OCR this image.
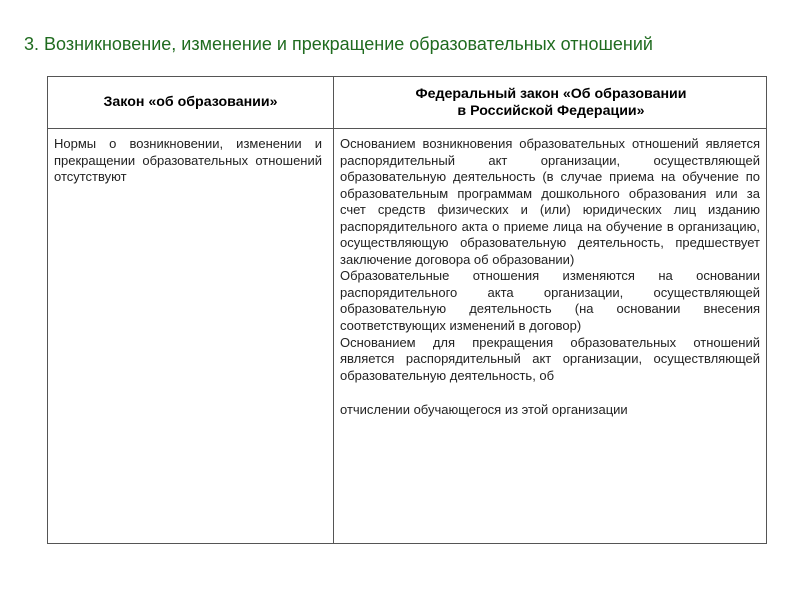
3. Возникновение, изменение и прекращение образовательных отношений
Закон «об образовании»
Федеральный закон «Об образовании
в Российской Федерации»
Нормы о возникновении, изменении и прекращении образовательных отношений отсутствуют

Основанием возникновения образовательных отношений является распорядительный акт организации, осуществляющей образовательную деятельность (в случае приема на обучение по образовательным программам дошкольного образования или за счет средств физических и (или) юридических лиц изданию распорядительного акта о приеме лица на обучение в организацию, осуществляющую образовательную деятельность, предшествует заключение договора об образовании)

Образовательные отношения изменяются на основании распорядительного акта организации, осуществляющей образовательную деятельность (на основании внесения соответствующих изменений в договор)

Основанием для прекращения образовательных отношений является распорядительный акт организации, осуществляющей образовательную деятельность, об

отчислении обучающегося из этой организации
